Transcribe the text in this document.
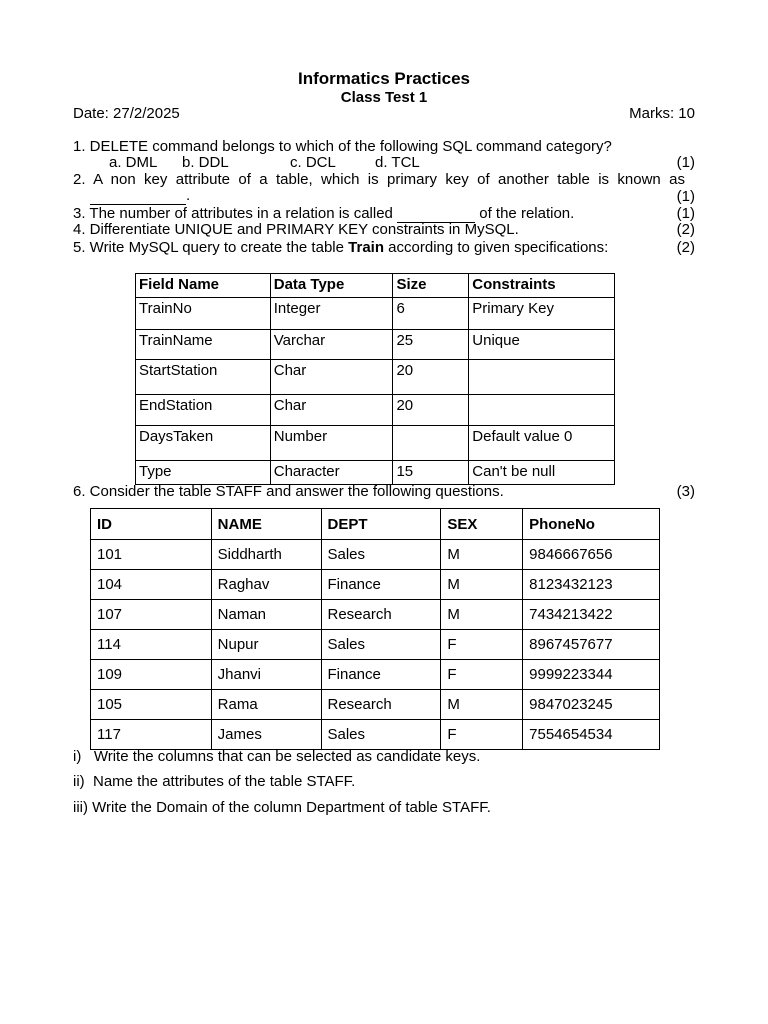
Informatics Practices
Class Test 1
Date: 27/2/2025	Marks: 10
1. DELETE command belongs to which of the following SQL command category?
a. DML b. DDL	c. DCL	d. TCL	(1)
2. A non key attribute of a table, which is primary key of another table is known as
.	(1)
3. The number of attributes in a relation is called	of the relation.	(1)
4. Differentiate UNIQUE and PRIMARY KEY constraints in MySQL.	(2)
5. Write MySQL query to create the table Train according to given specifications:	(2)
Field Name	Data Type	Size	Constraints
TrainNo	Integer	6	Primary Key
TrainName	Varchar	25	Unique
StartStation	Char	20	
EndStation	Char	20	
DaysTaken	Number		Default value 0
Type	Character	15	Can't be null
6. Consider the table STAFF and answer the following questions.	(3)
ID	NAME	DEPT	SEX	PhoneNo
101	Siddharth	Sales	M	9846667656
104	Raghav	Finance	M	8123432123
107	Naman	Research	M	7434213422
114	Nupur	Sales	F	8967457677
109	Jhanvi	Finance	F	9999223344
105	Rama	Research	M	9847023245
117	James	Sales	F	7554654534
i)   Write the columns that can be selected as candidate keys.
ii)  Name the attributes of the table STAFF.
iii) Write the Domain of the column Department of table STAFF.
